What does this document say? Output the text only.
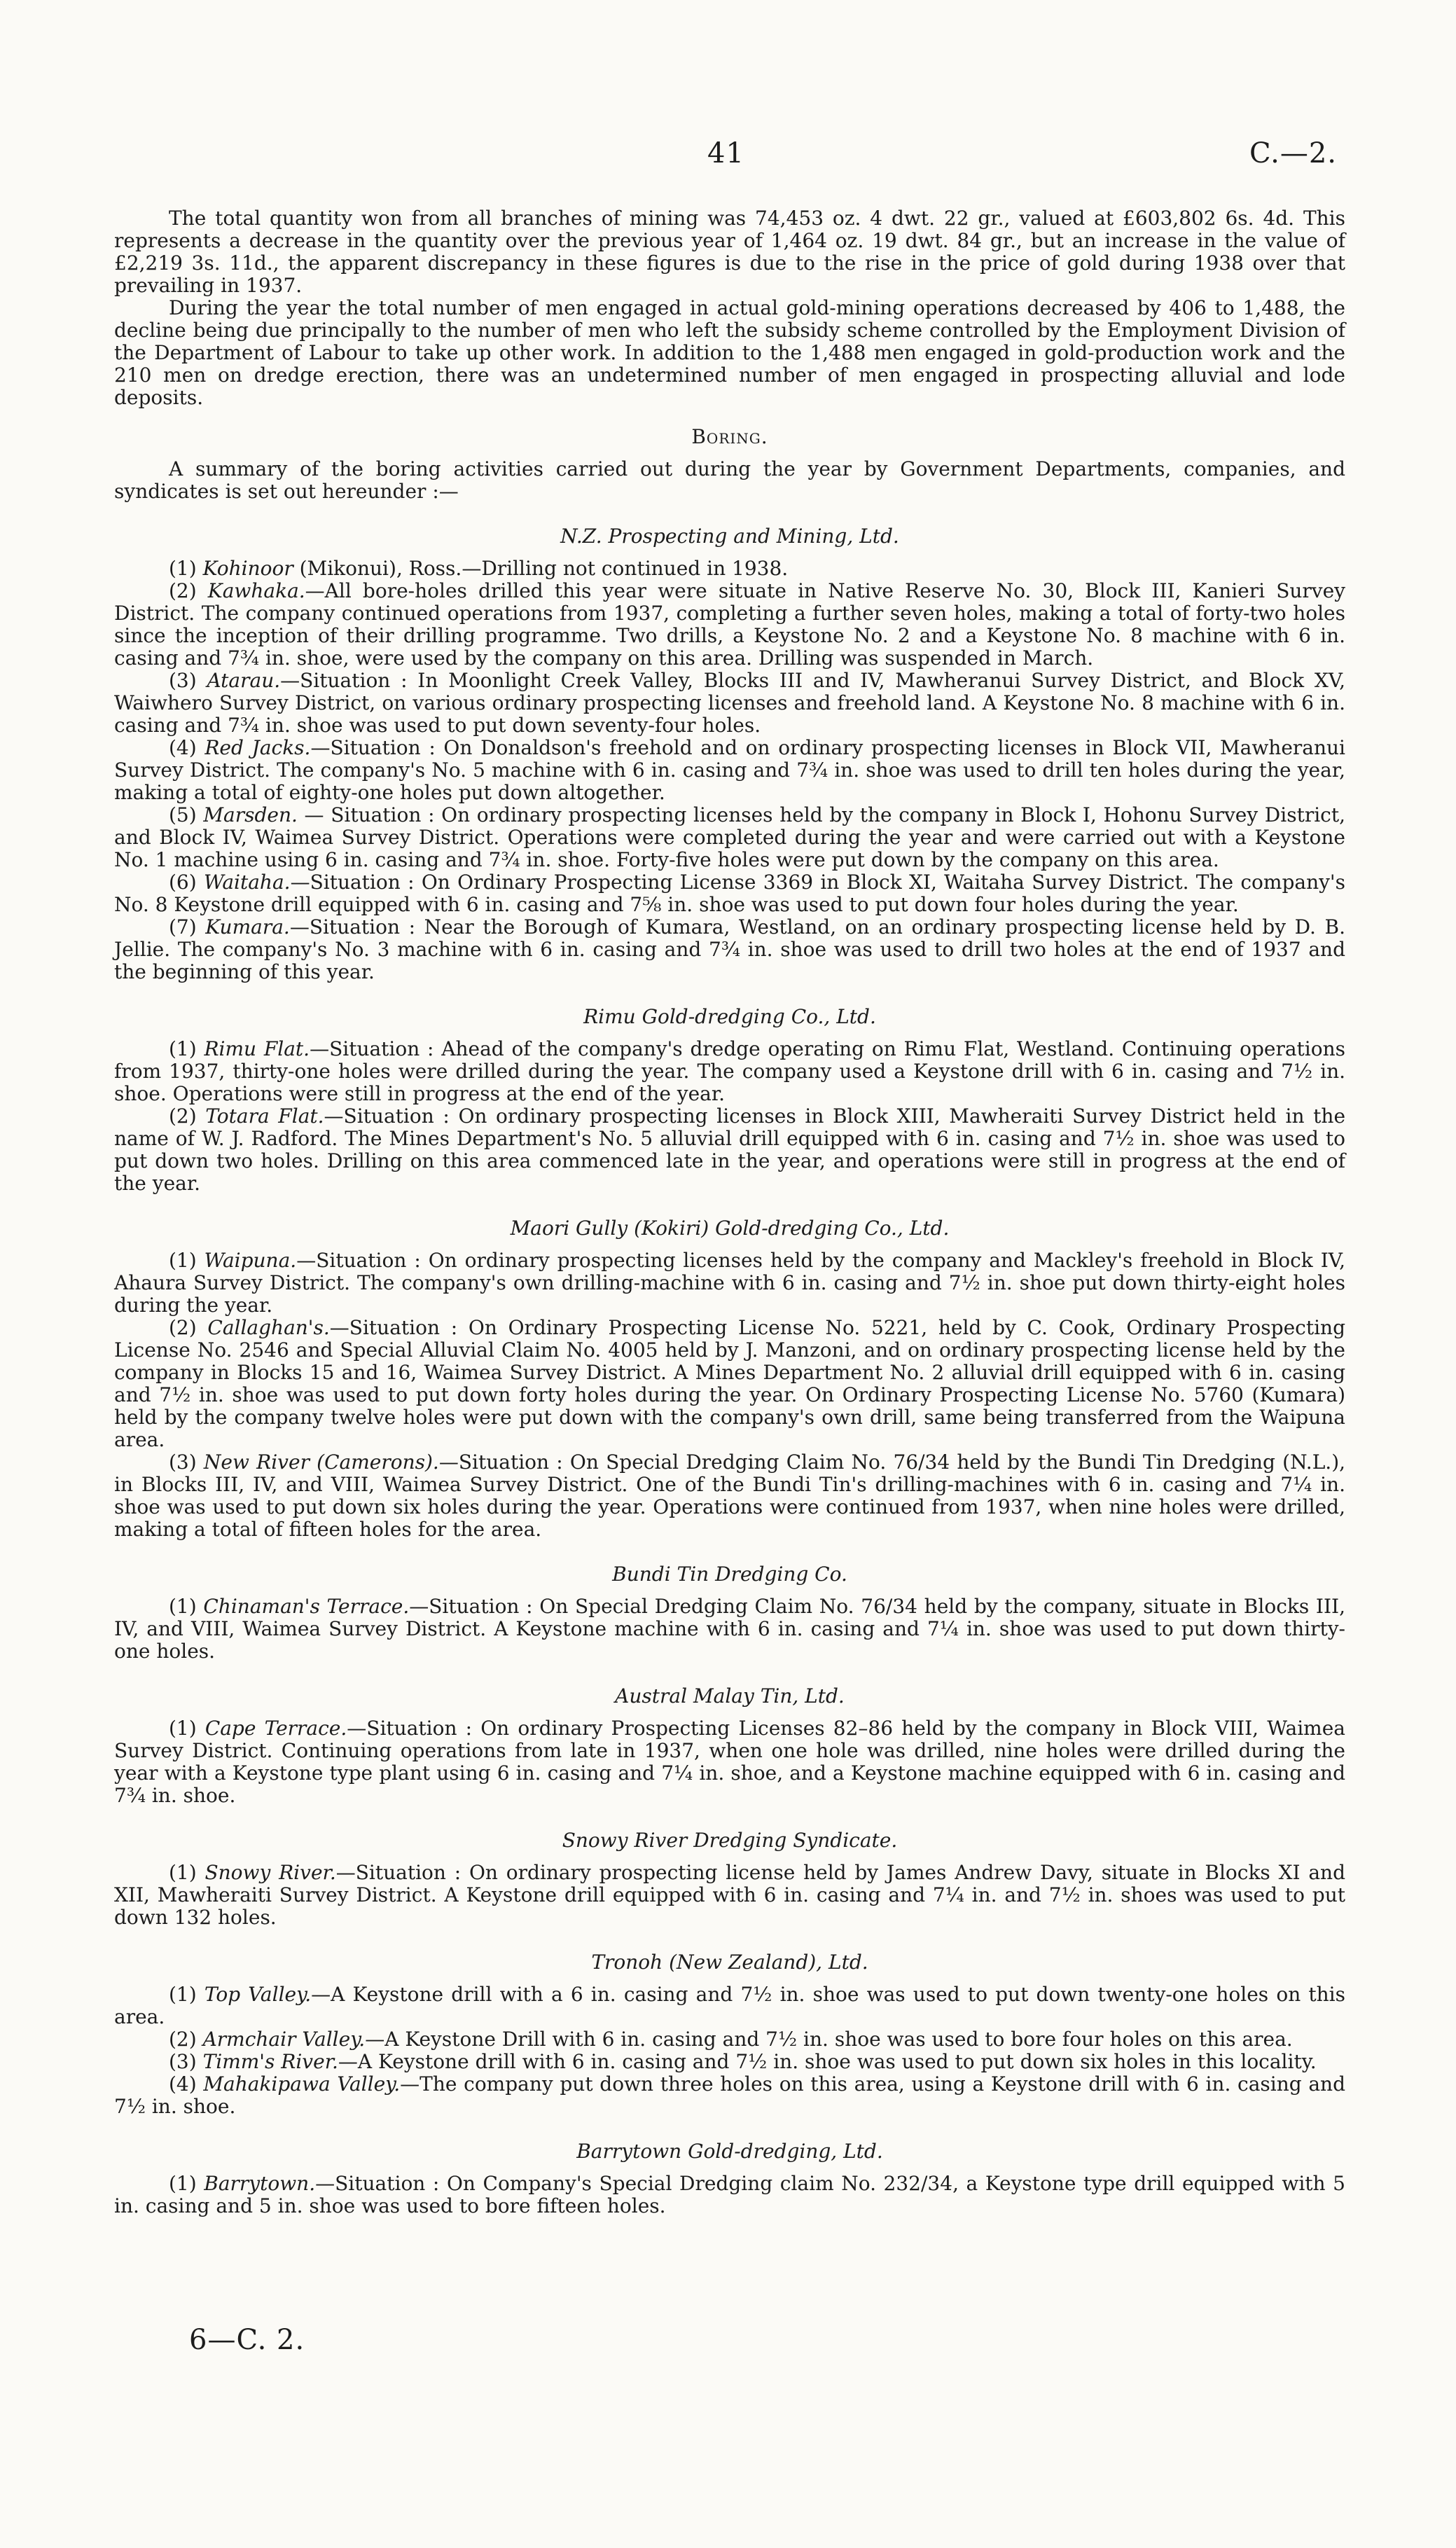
41	C.—2.

The total quantity won from all branches of mining was 74,453 oz. 4 dwt. 22 gr., valued at £603,802 6s. 4d. This represents a decrease in the quantity over the previous year of 1,464 oz. 19 dwt. 84 gr., but an increase in the value of £2,219 3s. 11d., the apparent discrepancy in these figures is due to the rise in the price of gold during 1938 over that prevailing in 1937.

During the year the total number of men engaged in actual gold-mining operations decreased by 406 to 1,488, the decline being due principally to the number of men who left the subsidy scheme controlled by the Employment Division of the Department of Labour to take up other work. In addition to the 1,488 men engaged in gold-production work and the 210 men on dredge erection, there was an undetermined number of men engaged in prospecting alluvial and lode deposits.

Boring.

A summary of the boring activities carried out during the year by Government Departments, companies, and syndicates is set out hereunder :—

N.Z. Prospecting and Mining, Ltd.

(1) Kohinoor (Mikonui), Ross.—Drilling not continued in 1938.

(2) Kawhaka.—All bore-holes drilled this year were situate in Native Reserve No. 30, Block III, Kanieri Survey District. The company continued operations from 1937, completing a further seven holes, making a total of forty-two holes since the inception of their drilling programme. Two drills, a Keystone No. 2 and a Keystone No. 8 machine with 6 in. casing and 7¾ in. shoe, were used by the company on this area. Drilling was suspended in March.

(3) Atarau.—Situation : In Moonlight Creek Valley, Blocks III and IV, Mawheranui Survey District, and Block XV, Waiwhero Survey District, on various ordinary prospecting licenses and freehold land. A Keystone No. 8 machine with 6 in. casing and 7¾ in. shoe was used to put down seventy-four holes.

(4) Red Jacks.—Situation : On Donaldson's freehold and on ordinary prospecting licenses in Block VII, Mawheranui Survey District. The company's No. 5 machine with 6 in. casing and 7¾ in. shoe was used to drill ten holes during the year, making a total of eighty-one holes put down altogether.

(5) Marsden. — Situation : On ordinary prospecting licenses held by the company in Block I, Hohonu Survey District, and Block IV, Waimea Survey District. Operations were completed during the year and were carried out with a Keystone No. 1 machine using 6 in. casing and 7¾ in. shoe. Forty-five holes were put down by the company on this area.

(6) Waitaha.—Situation : On Ordinary Prospecting License 3369 in Block XI, Waitaha Survey District. The company's No. 8 Keystone drill equipped with 6 in. casing and 7⅝ in. shoe was used to put down four holes during the year.

(7) Kumara.—Situation : Near the Borough of Kumara, Westland, on an ordinary prospecting license held by D. B. Jellie. The company's No. 3 machine with 6 in. casing and 7¾ in. shoe was used to drill two holes at the end of 1937 and the beginning of this year.

Rimu Gold-dredging Co., Ltd.

(1) Rimu Flat.—Situation : Ahead of the company's dredge operating on Rimu Flat, Westland. Continuing operations from 1937, thirty-one holes were drilled during the year. The company used a Keystone drill with 6 in. casing and 7½ in. shoe. Operations were still in progress at the end of the year.

(2) Totara Flat.—Situation : On ordinary prospecting licenses in Block XIII, Mawheraiti Survey District held in the name of W. J. Radford. The Mines Department's No. 5 alluvial drill equipped with 6 in. casing and 7½ in. shoe was used to put down two holes. Drilling on this area commenced late in the year, and operations were still in progress at the end of the year.

Maori Gully (Kokiri) Gold-dredging Co., Ltd.

(1) Waipuna.—Situation : On ordinary prospecting licenses held by the company and Mackley's freehold in Block IV, Ahaura Survey District. The company's own drilling-machine with 6 in. casing and 7½ in. shoe put down thirty-eight holes during the year.

(2) Callaghan's.—Situation : On Ordinary Prospecting License No. 5221, held by C. Cook, Ordinary Prospecting License No. 2546 and Special Alluvial Claim No. 4005 held by J. Manzoni, and on ordinary prospecting license held by the company in Blocks 15 and 16, Waimea Survey District. A Mines Department No. 2 alluvial drill equipped with 6 in. casing and 7½ in. shoe was used to put down forty holes during the year. On Ordinary Prospecting License No. 5760 (Kumara) held by the company twelve holes were put down with the company's own drill, same being transferred from the Waipuna area.

(3) New River (Camerons).—Situation : On Special Dredging Claim No. 76/34 held by the Bundi Tin Dredging (N.L.), in Blocks III, IV, and VIII, Waimea Survey District. One of the Bundi Tin's drilling-machines with 6 in. casing and 7¼ in. shoe was used to put down six holes during the year. Operations were continued from 1937, when nine holes were drilled, making a total of fifteen holes for the area.

Bundi Tin Dredging Co.

(1) Chinaman's Terrace.—Situation : On Special Dredging Claim No. 76/34 held by the company, situate in Blocks III, IV, and VIII, Waimea Survey District. A Keystone machine with 6 in. casing and 7¼ in. shoe was used to put down thirty-one holes.

Austral Malay Tin, Ltd.

(1) Cape Terrace.—Situation : On ordinary Prospecting Licenses 82–86 held by the company in Block VIII, Waimea Survey District. Continuing operations from late in 1937, when one hole was drilled, nine holes were drilled during the year with a Keystone type plant using 6 in. casing and 7¼ in. shoe, and a Keystone machine equipped with 6 in. casing and 7¾ in. shoe.

Snowy River Dredging Syndicate.

(1) Snowy River.—Situation : On ordinary prospecting license held by James Andrew Davy, situate in Blocks XI and XII, Mawheraiti Survey District. A Keystone drill equipped with 6 in. casing and 7¼ in. and 7½ in. shoes was used to put down 132 holes.

Tronoh (New Zealand), Ltd.

(1) Top Valley.—A Keystone drill with a 6 in. casing and 7½ in. shoe was used to put down twenty-one holes on this area.

(2) Armchair Valley.—A Keystone Drill with 6 in. casing and 7½ in. shoe was used to bore four holes on this area.

(3) Timm's River.—A Keystone drill with 6 in. casing and 7½ in. shoe was used to put down six holes in this locality.

(4) Mahakipawa Valley.—The company put down three holes on this area, using a Keystone drill with 6 in. casing and 7½ in. shoe.

Barrytown Gold-dredging, Ltd.

(1) Barrytown.—Situation : On Company's Special Dredging claim No. 232/34, a Keystone type drill equipped with 5 in. casing and 5 in. shoe was used to bore fifteen holes.

6—C. 2.
